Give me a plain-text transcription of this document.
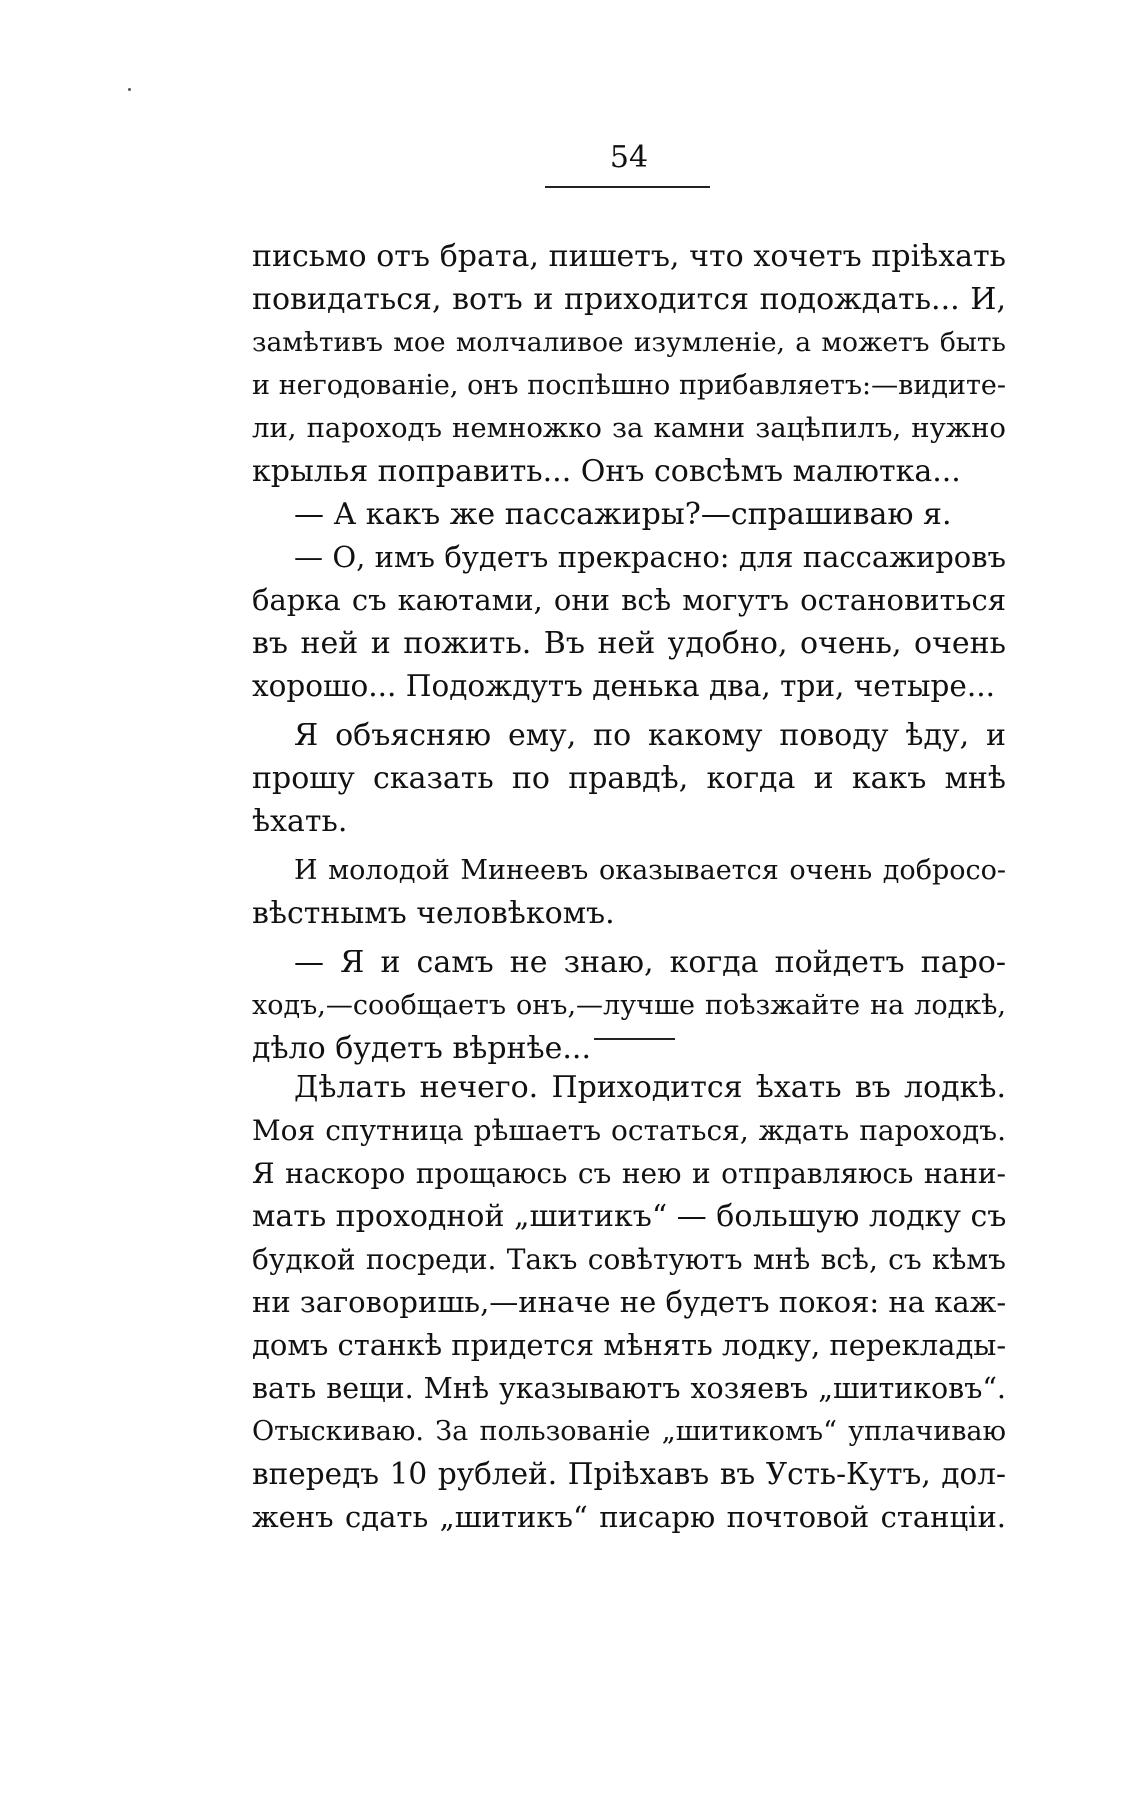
54
письмо отъ брата, пишетъ, что хочетъ пріѣхать
повидаться, вотъ и приходится подождать... И,
замѣтивъ мое молчаливое изумленіе, а можетъ быть
и негодованіе, онъ поспѣшно прибавляетъ:—видите-
ли, пароходъ немножко за камни зацѣпилъ, нужно
крылья поправить... Онъ совсѣмъ малютка...
— А какъ же пассажиры?—спрашиваю я.
— О, имъ будетъ прекрасно: для пассажировъ
барка съ каютами, они всѣ могутъ остановиться
въ ней и пожить. Въ ней удобно, очень, очень
хорошо... Подождутъ денька два, три, четыре...
Я объясняю ему, по какому поводу ѣду, и
прошу сказать по правдѣ, когда и какъ мнѣ
ѣхать.
И молодой Минеевъ оказывается очень добросо-
вѣстнымъ человѣкомъ.
— Я и самъ не знаю, когда пойдетъ паро-
ходъ,—сообщаетъ онъ,—лучше поѣзжайте на лодкѣ,
дѣло будетъ вѣрнѣе...
Дѣлать нечего. Приходится ѣхать въ лодкѣ.
Моя спутница рѣшаетъ остаться, ждать пароходъ.
Я наскоро прощаюсь съ нею и отправляюсь нани-
мать проходной „шитикъ“ — большую лодку съ
будкой посреди. Такъ совѣтуютъ мнѣ всѣ, съ кѣмъ
ни заговоришь,—иначе не будетъ покоя: на каж-
домъ станкѣ придется мѣнять лодку, переклады-
вать вещи. Мнѣ указываютъ хозяевъ „шитиковъ“.
Отыскиваю. За пользованіе „шитикомъ“ уплачиваю
впередъ 10 рублей. Пріѣхавъ въ Усть-Кутъ, дол-
женъ сдать „шитикъ“ писарю почтовой станціи.
